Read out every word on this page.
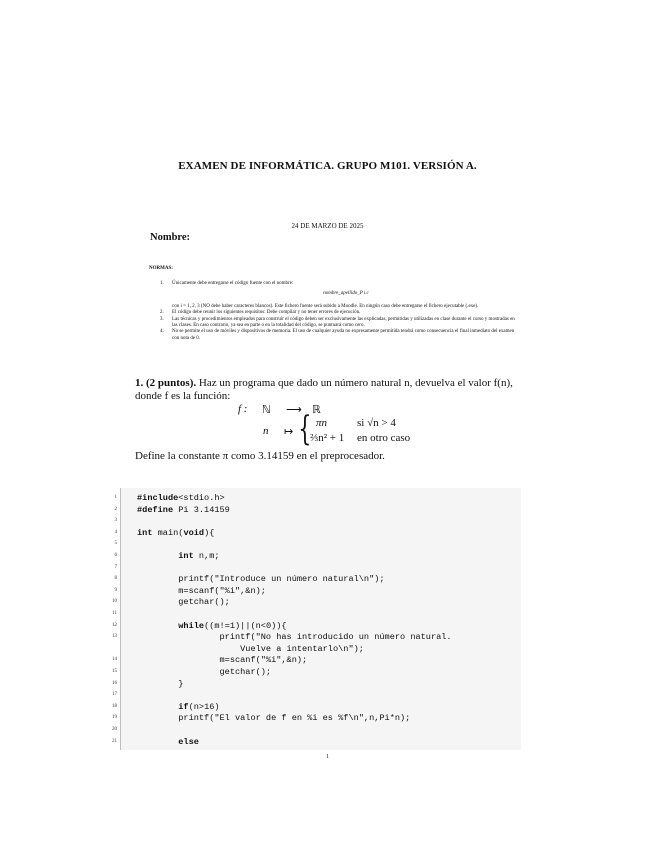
EXAMEN DE INFORMÁTICA. GRUPO M101. VERSIÓN A.
24 DE MARZO DE 2025
Nombre:
NORMAS:
1. Únicamente debe entregarse el código fuente con el nombre:
nombre_apellido_P i.c
con i = 1, 2, 3 (NO debe haber caracteres blancos). Este fichero fuente será subido a Moodle. En ningún caso debe entregarse el fichero ejecutable (.exe).
2. El código debe reunir los siguientes requisitos: Debe compilar y no tener errores de ejecución.
3. Las técnicas y procedimientos empleados para construir el código deben ser exclusivamente las explicadas, permitidas y utilizadas en clase durante el curso y mostradas en las clases. En caso contrario, ya sea en parte o en la totalidad del código, se puntuará como cero.
4. No se permite el uso de móviles y dispositivos de memoria. El uso de cualquier ayuda no expresamente permitida tendrá como consecuencia el final inmediato del examen con nota de 0.
1. (2 puntos). Haz un programa que dado un número natural n, devuelva el valor f(n), donde f es la función:
f : ℕ ⟶ ℝ
n ↦ { πn	si √n > 4
⅔n² + 1 en otro caso
Define la constante π como 3.14159 en el preprocesador.
1 #include<stdio.h>
2 #define Pi 3.14159
3
4 int main(void){
5
6	int n,m;
7
8 printf("Introduce un número natural\n");
9 m=scanf("%i",&n);
10 getchar();
11
12	while((m!=1)||(n<0)){
13 printf("No has introducido un número natural.
Vuelve a intentarlo\n");
14 m=scanf("%i",&n);
15 getchar();
16 }
17
18	if(n>16)
19 printf("El valor de f en %i es %f\n",n,Pi*n);
20
21	else
1
